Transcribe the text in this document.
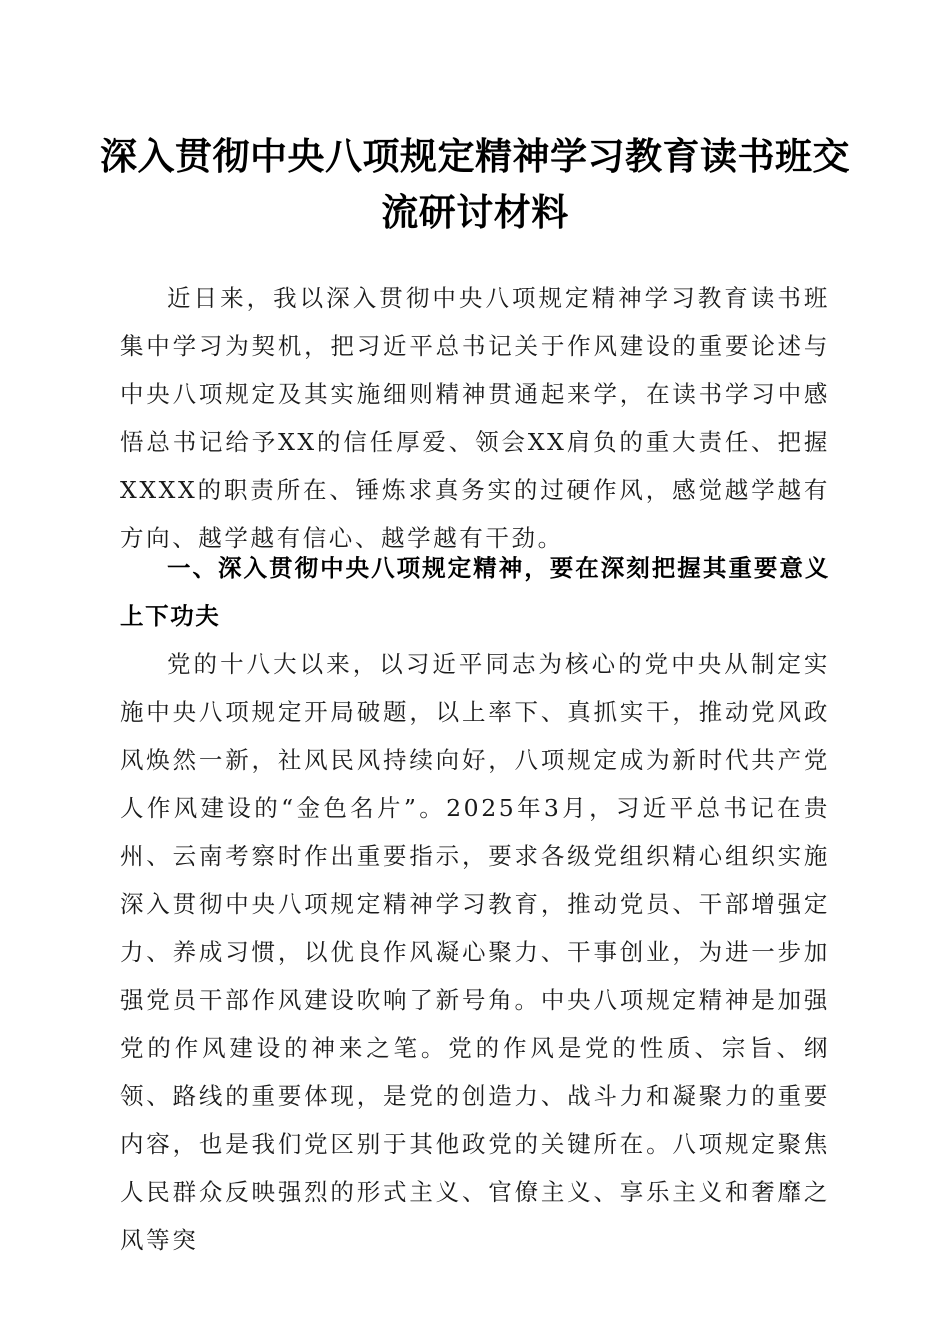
深入贯彻中央八项规定精神学习教育读书班交流研讨材料

近日来，我以深入贯彻中央八项规定精神学习教育读书班集中学习为契机，把习近平总书记关于作风建设的重要论述与中央八项规定及其实施细则精神贯通起来学，在读书学习中感悟总书记给予XX的信任厚爱、领会XX肩负的重大责任、把握XXXX的职责所在、锤炼求真务实的过硬作风，感觉越学越有方向、越学越有信心、越学越有干劲。

一、深入贯彻中央八项规定精神，要在深刻把握其重要意义上下功夫

党的十八大以来，以习近平同志为核心的党中央从制定实施中央八项规定开局破题，以上率下、真抓实干，推动党风政风焕然一新，社风民风持续向好，八项规定成为新时代共产党人作风建设的“金色名片”。2025年3月，习近平总书记在贵州、云南考察时作出重要指示，要求各级党组织精心组织实施深入贯彻中央八项规定精神学习教育，推动党员、干部增强定力、养成习惯，以优良作风凝心聚力、干事创业，为进一步加强党员干部作风建设吹响了新号角。中央八项规定精神是加强党的作风建设的神来之笔。党的作风是党的性质、宗旨、纲领、路线的重要体现，是党的创造力、战斗力和凝聚力的重要内容，也是我们党区别于其他政党的关键所在。八项规定聚焦人民群众反映强烈的形式主义、官僚主义、享乐主义和奢靡之风等突
